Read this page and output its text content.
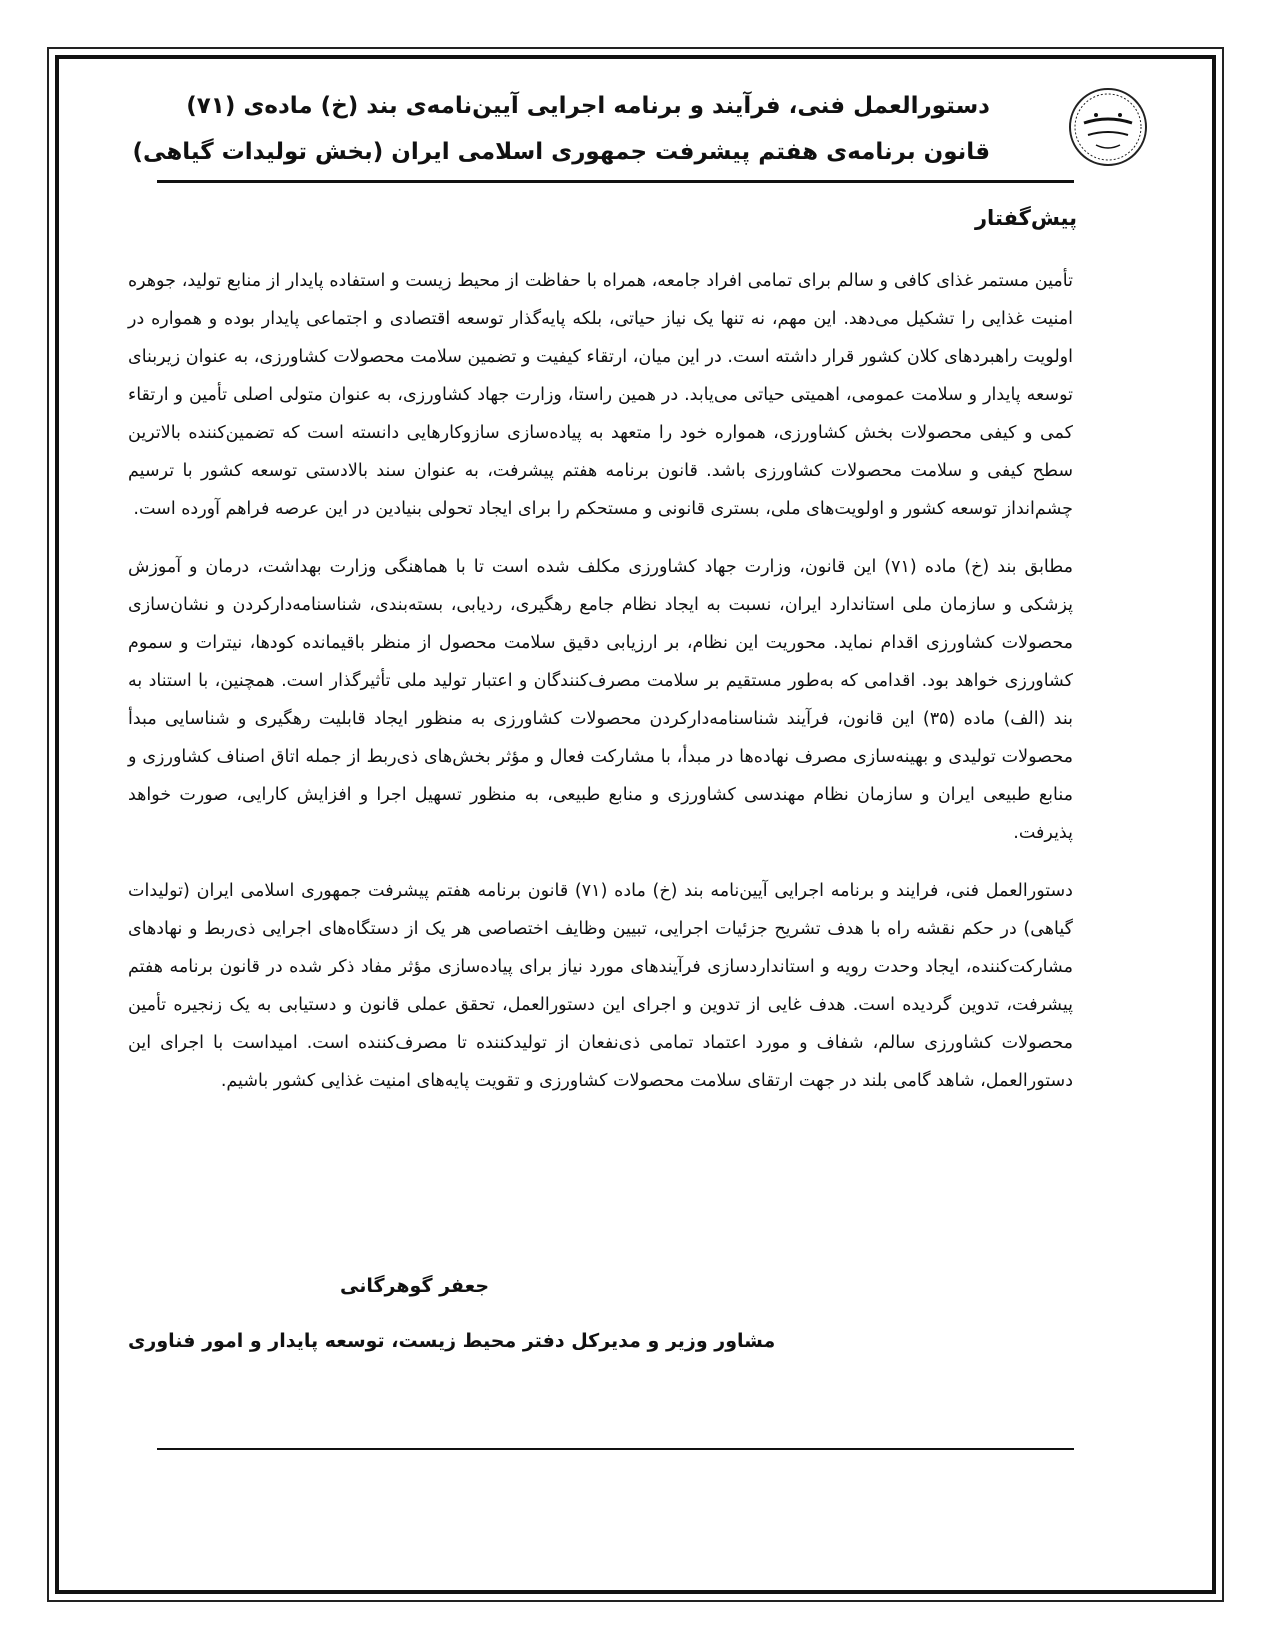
دستورالعمل فنی، فرآیند و برنامه اجرایی آیین‌نامه‌ی بند (خ) ماده‌ی (۷۱)
قانون برنامه‌ی هفتم پیشرفت جمهوری اسلامی ایران (بخش تولیدات گیاهی)
پیش‌گفتار

تأمین مستمر غذای کافی و سالم برای تمامی افراد جامعه، همراه با حفاظت از محیط زیست و استفاده پایدار از منابع تولید، جوهره امنیت غذایی را تشکیل می‌دهد. این مهم، نه تنها یک نیاز حیاتی، بلکه پایه‌گذار توسعه اقتصادی و اجتماعی پایدار بوده و همواره در اولویت راهبردهای کلان کشور قرار داشته است. در این میان، ارتقاء کیفیت و تضمین سلامت محصولات کشاورزی، به عنوان زیربنای توسعه پایدار و سلامت عمومی، اهمیتی حیاتی می‌یابد. در همین راستا، وزارت جهاد کشاورزی، به عنوان متولی اصلی تأمین و ارتقاء کمی و کیفی محصولات بخش کشاورزی، همواره خود را متعهد به پیاده‌سازی سازوکارهایی دانسته است که تضمین‌کننده بالاترین سطح کیفی و سلامت محصولات کشاورزی باشد. قانون برنامه هفتم پیشرفت، به عنوان سند بالادستی توسعه کشور با ترسیم چشم‌انداز توسعه کشور و اولویت‌های ملی، بستری قانونی و مستحکم را برای ایجاد تحولی بنیادین در این عرصه فراهم آورده است.

مطابق بند (خ) ماده (۷۱) این قانون، وزارت جهاد کشاورزی مکلف شده است تا با هماهنگی وزارت بهداشت، درمان و آموزش پزشکی و سازمان ملی استاندارد ایران، نسبت به ایجاد نظام جامع رهگیری، ردیابی، بسته‌بندی، شناسنامه‌دارکردن و نشان‌سازی محصولات کشاورزی اقدام نماید. محوریت این نظام، بر ارزیابی دقیق سلامت محصول از منظر باقیمانده کودها، نیترات و سموم کشاورزی خواهد بود. اقدامی که به‌طور مستقیم بر سلامت مصرف‌کنندگان و اعتبار تولید ملی تأثیرگذار است. همچنین، با استناد به بند (الف) ماده (۳۵) این قانون، فرآیند شناسنامه‌دارکردن محصولات کشاورزی به منظور ایجاد قابلیت رهگیری و شناسایی مبدأ محصولات تولیدی و بهینه‌سازی مصرف نهاده‌ها در مبدأ، با مشارکت فعال و مؤثر بخش‌های ذی‌ربط از جمله اتاق اصناف کشاورزی و منابع طبیعی ایران و سازمان نظام مهندسی کشاورزی و منابع طبیعی، به منظور تسهیل اجرا و افزایش کارایی، صورت خواهد پذیرفت.

دستورالعمل فنی، فرایند و برنامه اجرایی آیین‌نامه بند (خ) ماده (۷۱) قانون برنامه هفتم پیشرفت جمهوری اسلامی ایران (تولیدات گیاهی) در حکم نقشه راه با هدف تشریح جزئیات اجرایی، تبیین وظایف اختصاصی هر یک از دستگاه‌های اجرایی ذی‌ربط و نهادهای مشارکت‌کننده، ایجاد وحدت رویه و استانداردسازی فرآیندهای مورد نیاز برای پیاده‌سازی مؤثر مفاد ذکر شده در قانون برنامه هفتم پیشرفت، تدوین گردیده است. هدف غایی از تدوین و اجرای این دستورالعمل، تحقق عملی قانون و دستیابی به یک زنجیره تأمین محصولات کشاورزی سالم، شفاف و مورد اعتماد تمامی ذی‌نفعان از تولیدکننده تا مصرف‌کننده است. امیداست با اجرای این دستورالعمل، شاهد گامی بلند در جهت ارتقای سلامت محصولات کشاورزی و تقویت پایه‌های امنیت غذایی کشور باشیم.

جعفر گوهرگانی

مشاور وزیر و مدیرکل دفتر محیط زیست، توسعه پایدار و امور فناوری
